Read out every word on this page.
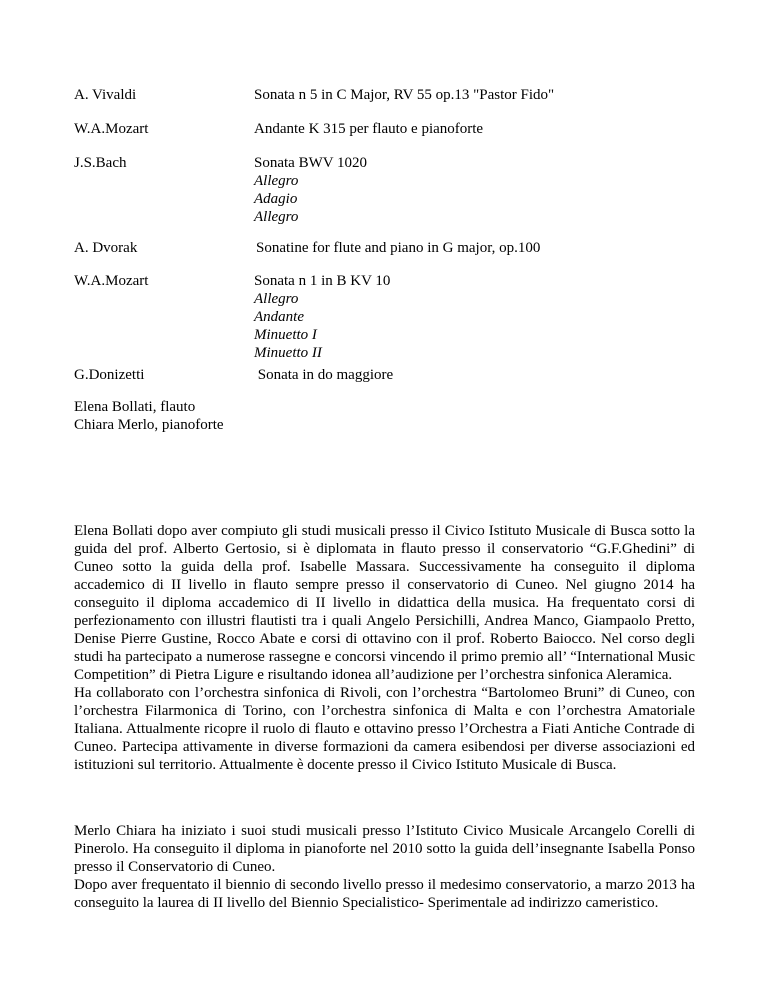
A. Vivaldi	Sonata n 5 in C Major, RV 55 op.13 "Pastor Fido"
W.A.Mozart	Andante K 315 per flauto e pianoforte
J.S.Bach	Sonata BWV 1020
Allegro
Adagio
Allegro
A. Dvorak	Sonatine for flute and piano in G major, op.100
W.A.Mozart	Sonata n 1 in B KV 10
Allegro
Andante
Minuetto I
Minuetto II
G.Donizetti	Sonata in do maggiore
Elena Bollati, flauto
Chiara Merlo, pianoforte

Elena Bollati dopo aver compiuto gli studi musicali presso il Civico Istituto Musicale di Busca sotto la guida del prof. Alberto Gertosio, si è diplomata in flauto presso il conservatorio “G.F.Ghedini” di Cuneo sotto la guida della prof. Isabelle Massara. Successivamente ha conseguito il diploma accademico di II livello in flauto sempre presso il conservatorio di Cuneo. Nel giugno 2014 ha conseguito il diploma accademico di II livello in didattica della musica. Ha frequentato corsi di perfezionamento con illustri flautisti tra i quali Angelo Persichilli, Andrea Manco, Giampaolo Pretto, Denise Pierre Gustine, Rocco Abate e corsi di ottavino con il prof. Roberto Baiocco. Nel corso degli studi ha partecipato a numerose rassegne e concorsi vincendo il primo premio all’ “International Music Competition” di Pietra Ligure e risultando idonea all’audizione per l’orchestra sinfonica Aleramica.

Ha collaborato con l’orchestra sinfonica di Rivoli, con l’orchestra “Bartolomeo Bruni” di Cuneo, con l’orchestra Filarmonica di Torino, con l’orchestra sinfonica di Malta e con l’orchestra Amatoriale Italiana. Attualmente ricopre il ruolo di flauto e ottavino presso l’Orchestra a Fiati Antiche Contrade di Cuneo. Partecipa attivamente in diverse formazioni da camera esibendosi per diverse associazioni ed istituzioni sul territorio. Attualmente è docente presso il Civico Istituto Musicale di Busca.

Merlo Chiara ha iniziato i suoi studi musicali presso l’Istituto Civico Musicale Arcangelo Corelli di Pinerolo. Ha conseguito il diploma in pianoforte nel 2010 sotto la guida dell’insegnante Isabella Ponso presso il Conservatorio di Cuneo.

Dopo aver frequentato il biennio di secondo livello presso il medesimo conservatorio, a marzo 2013 ha conseguito la laurea di II livello del Biennio Specialistico- Sperimentale ad indirizzo cameristico.
